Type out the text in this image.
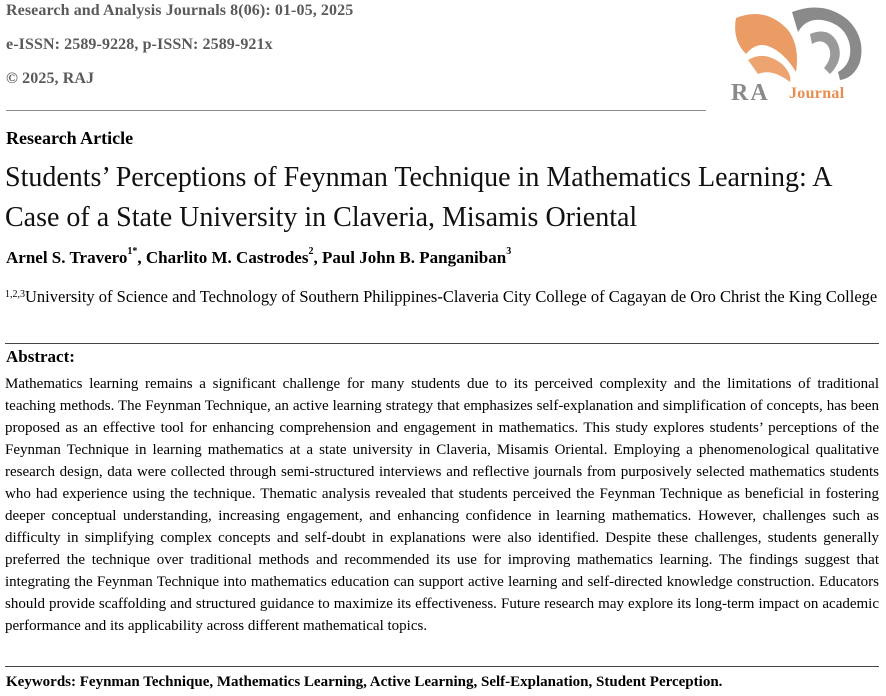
Research and Analysis Journals 8(06): 01-05, 2025
e-ISSN: 2589-9228, p-ISSN: 2589-921x
© 2025, RAJ
RA Journal
Research Article
Students’ Perceptions of Feynman Technique in Mathematics Learning: A Case of a State University in Claveria, Misamis Oriental
Arnel S. Travero$^{1*}$, Charlito M. Castrodes$^2$, Paul John B. Panganiban$^3$
$^{1,2,3}$University of Science and Technology of Southern Philippines-Claveria City College of Cagayan de Oro Christ the King College
Abstract:
Mathematics learning remains a significant challenge for many students due to its perceived complexity and the limitations of traditional teaching methods. The Feynman Technique, an active learning strategy that emphasizes self-explanation and simplification of concepts, has been proposed as an effective tool for enhancing comprehension and engagement in mathematics. This study explores students’ perceptions of the Feynman Technique in learning mathematics at a state university in Claveria, Misamis Oriental. Employing a phenomenological qualitative research design, data were collected through semi-structured interviews and reflective journals from purposively selected mathematics students who had experience using the technique. Thematic analysis revealed that students perceived the Feynman Technique as beneficial in fostering deeper conceptual understanding, increasing engagement, and enhancing confidence in learning mathematics. However, challenges such as difficulty in simplifying complex concepts and self-doubt in explanations were also identified. Despite these challenges, students generally preferred the technique over traditional methods and recommended its use for improving mathematics learning. The findings suggest that integrating the Feynman Technique into mathematics education can support active learning and self-directed knowledge construction. Educators should provide scaffolding and structured guidance to maximize its effectiveness. Future research may explore its long-term impact on academic performance and its applicability across different mathematical topics.
Keywords: Feynman Technique, Mathematics Learning, Active Learning, Self-Explanation, Student Perception.
